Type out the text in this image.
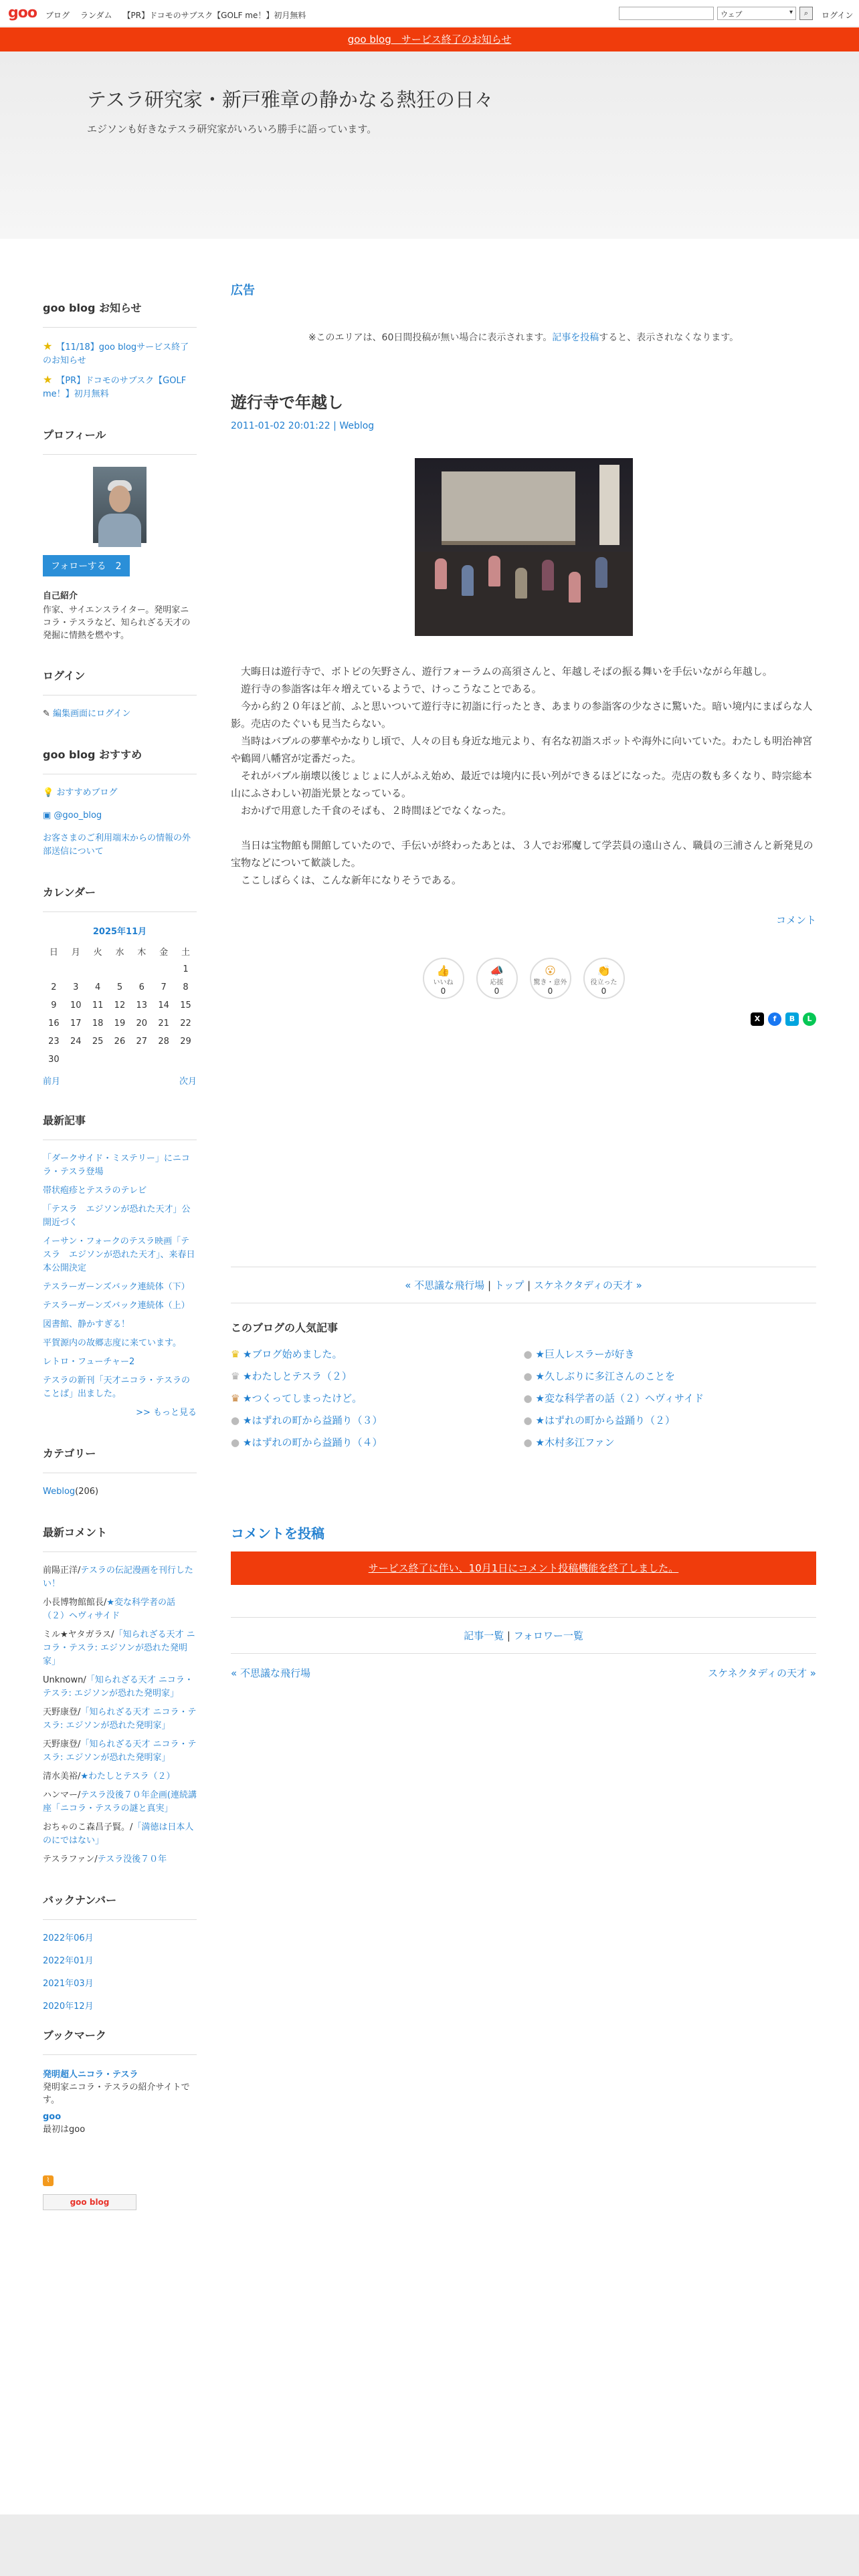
goo ブログ ランダム 【PR】ドコモのサブスク【GOLF me！】初月無料	ウェブ ▾	⌕	ログイン
goo blog　サービス終了のお知らせ
テスラ研究家・新戸雅章の静かなる熱狂の日々
エジソンも好きなテスラ研究家がいろいろ勝手に語っています。
goo blog お知らせ
★ 【11/18】goo blogサービス終了のお知らせ
★ 【PR】ドコモのサブスク【GOLF me！】初月無料
プロフィール
フォローする　 2
自己紹介
作家、サイエンスライター。発明家ニコラ・テスラなど、知られざる天才の発掘に情熱を燃やす。
ログイン
✎ 編集画面にログイン
goo blog おすすめ
💡 おすすめブログ
▣ @goo_blog
お客さまのご利用端末からの情報の外部送信について
カレンダー
2025年11月
日	月	火	水	木	金	土
						1
2	3	4	5	6	7	8
9	10	11	12	13	14	15
16	17	18	19	20	21	22
23	24	25	26	27	28	29
30						
前月	次月
最新記事
「ダークサイド・ミステリー」にニコラ・テスラ登場
帯状疱疹とテスラのテレビ
「テスラ　エジソンが恐れた天才」公開近づく
イーサン・フォークのテスラ映画「テスラ　エジソンが恐れた天才」、来春日本公開決定
テスラーガーンズバック連続体（下）
テスラーガーンズバック連続体（上）
図書館、静かすぎる！
平賀源内の故郷志度に来ています。
レトロ・フューチャー2
テスラの新刊「天才ニコラ・テスラのことば」出ました。
>> もっと見る
カテゴリー
Weblog(206)
最新コメント
前陽正洋/テスラの伝記漫画を刊行したい！
小長博物館館長/★変な科学者の話（２）ヘヴィサイド
ミル★ヤタガラス/「知られざる天才 ニコラ・テスラ: エジソンが恐れた発明家」
Unknown/「知られざる天才 ニコラ・テスラ: エジソンが恐れた発明家」
天野康登/「知られざる天才 ニコラ・テスラ: エジソンが恐れた発明家」
天野康登/「知られざる天才 ニコラ・テスラ: エジソンが恐れた発明家」
清水美裕/★わたしとテスラ（２）
ハンマー/テスラ没後７０年企画(連続講座「ニコラ・テスラの謎と真実」
おちゃのこ森昌子賢。/「満徳は日本人のにではない」
テスラファン/テスラ没後７０年
バックナンバー
2022年06月
2022年01月
2021年03月
2020年12月
ブックマーク
発明超人ニコラ・テスラ
発明家ニコラ・テスラの紹介サイトです。
goo
最初はgoo
⌇
goo blog
広告
※このエリアは、60日間投稿が無い場合に表示されます。記事を投稿すると、表示されなくなります。
遊行寺で年越し
2011-01-02 20:01:22 | Weblog

大晦日は遊行寺で、ボトビの矢野さん、遊行フォーラムの高須さんと、年越しそばの振る舞いを手伝いながら年越し。

遊行寺の参詣客は年々増えているようで、けっこうなことである。

今から約２０年ほど前、ふと思いついて遊行寺に初詣に行ったとき、あまりの参詣客の少なさに驚いた。暗い境内にまばらな人影。売店のたぐいも見当たらない。

当時はバブルの夢華やかなりし頃で、人々の目も身近な地元より、有名な初詣スポットや海外に向いていた。わたしも明治神宮や鶴岡八幡宮が定番だった。

それがバブル崩壊以後じょじょに人がふえ始め、最近では境内に長い列ができるほどになった。売店の数も多くなり、時宗総本山にふさわしい初詣光景となっている。

おかげで用意した千食のそばも、２時間ほどでなくなった。

当日は宝物館も開館していたので、手伝いが終わったあとは、３人でお邪魔して学芸員の遠山さん、職員の三浦さんと新発見の宝物などについて歓談した。

ここしばらくは、こんな新年になりそうである。

コメント
👍
いいね
0
📣
応援
0
😮
驚き・意外
0
👏
役立った
0
X	f	B	L
« 不思議な飛行場 | トップ | スケネクタディの天才 »
このブログの人気記事
♛ ★ブログ始めました。	● ★巨人レスラーが好き
♛ ★わたしとテスラ（２）	● ★久しぶりに多江さんのことを
♛ ★つくってしまったけど。	● ★変な科学者の話（２）ヘヴィサイド
● ★はずれの町から益踊り（３）	● ★はずれの町から益踊り（２）
● ★はずれの町から益踊り（４）	● ★木村多江ファン
コメントを投稿
サービス終了に伴い、10月1日にコメント投稿機能を終了しました。
記事一覧 | フォロワー一覧
« 不思議な飛行場	スケネクタディの天才 »
